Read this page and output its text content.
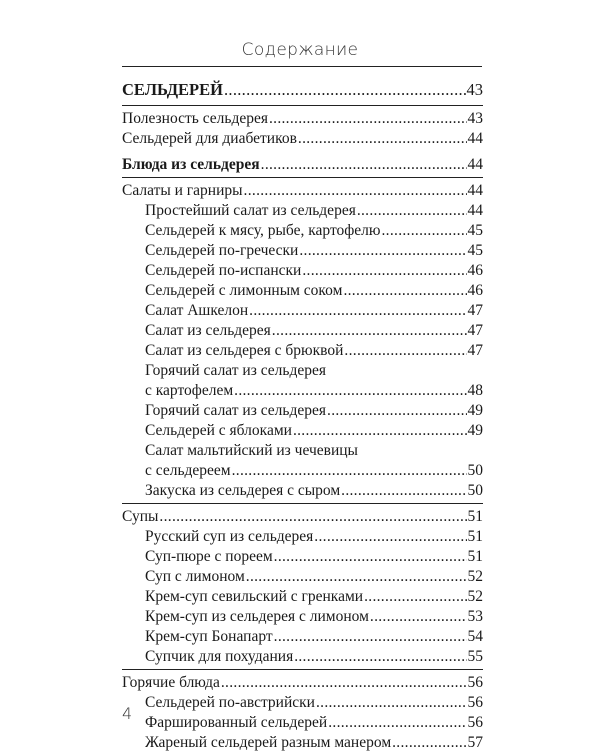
Содержание
СЕЛЬДЕРЕЙ .....	43
Полезность сельдерея .....	43
Сельдерей для диабетиков .....	44
Блюда из сельдерея .....	44
Салаты и гарниры .....	44
Простейший салат из сельдерея .....	44
Сельдерей к мясу, рыбе, картофелю .....	45
Сельдерей по-гречески .....	45
Сельдерей по-испански .....	46
Сельдерей с лимонным соком .....	46
Салат Ашкелон .....	47
Салат из сельдерея .....	47
Салат из сельдерея с брюквой .....	47
Горячий салат из сельдерея
с картофелем .....	48
Горячий салат из сельдерея .....	49
Сельдерей с яблоками .....	49
Салат мальтийский из чечевицы
с сельдереем .....	50
Закуска из сельдерея с сыром .....	50
Супы .....	51
Русский суп из сельдерея .....	51
Суп-пюре с пореем .....	51
Суп с лимоном .....	52
Крем-суп севильский с гренками .....	52
Крем-суп из сельдерея с лимоном .....	53
Крем-суп Бонапарт .....	54
Супчик для похудания .....	55
Горячие блюда .....	56
Сельдерей по-австрийски .....	56
Фаршированный сельдерей .....	56
Жареный сельдерей разным манером .....	57
4
